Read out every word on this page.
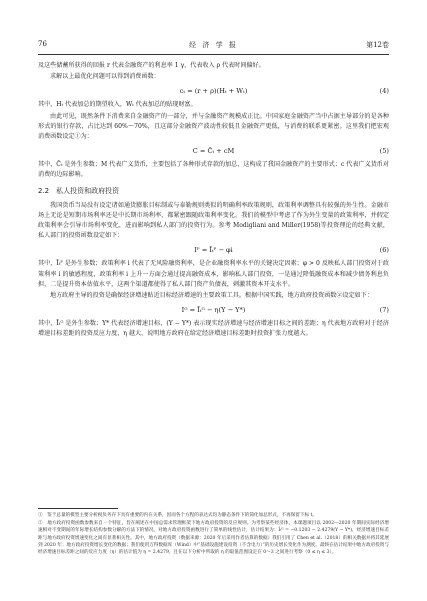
76	经 济 学 报	第12卷

及这些储蓄所获得的回报 r 代表金融资产的利息率 1 γ，代表收入 ρ 代表时间偏好。

求解以上最优化问题可以得到消费函数：

cₜ = (r + ρ)(Hₜ + Wₜ)	(4)

其中，Hₜ 代表加总的期望收入，Wₜ 代表加总的贴现财富。

由此可见，既然条件下消费来自金融资产的一部分，并与金融资产规模成正比。中国家庭金融资产当中占据主导部分的是各种形式的银行存款，占比达到 60%～70%，且这部分金融资产波动性较低且金融资产更低，与消费的联系更紧密。这里我们把宏观消费函数设定①为：

C = C̄ₜ + cM	(5)

其中，C̄ₜ 是外生参数；M 代表广义货币，主要包括了各种形式存款的加总，这构成了我国金融资产的主要形式；c 代表广义货币对消费的边际影响。

2.2　私人投资和政府投资

我国货币当局没有设定诸如通货膨胀目标制或与泰勒规则类似的明确利率政策规则，政策利率调整具有较强的外生性。金融市场上无论是短期市场利率还是中长期市场利率，都紧密跟随政策利率变化。我们的模型中考虑了作为外生变量的政策利率，并假定政策利率会引导市场利率变化，进而影响到私人部门的投资行为。参考 Modigliani and Miller(1958)等投资理论的经典文献，私人部门的投资函数设定如下：

Iᴾ = Īₜᴾ − φi	(6)

其中，Īₜᴾ 是外生参数；政策利率 i 代表了无风险融资利率，是企业融资利率水平的关键决定因素；φ > 0 反映私人部门投资对于政策利率 i 的敏感程度，政策利率 i 上升一方面会通过提高融资成本，影响私人部门投资，一是通过降低融资成本和减少债务利息负担，二是提升资本估值水平，这两个渠道都使得了私人部门资产负债表，刺激其资本开支水平。

地方政府主导的投资是确保经济增速贴近目标经济增速的主要政策工具。根据中国实践，地方政府投资函数②设定如下：

Iᴳ = Īₜᴳ − η(Y − Y*)	(7)

其中，Īₜᴳ 是外生参数；Y* 代表经济增速目标，(Y − Y*) 表示现实经济增速与经济增速目标之间的差距；η 代表地方政府对于经济增速目标差距的投资反应力度，η 越大，说明地方政府在给定经济增速目标差距时投资扩张力度越大。

①　鉴于总量的模型主要分析税负务存下具有重要的内在关系，因而各个方程的表达式均为静态条件下的简化加总形式，不再保留下标 t。

②　地方政府投资函数参数来自一个特征，旨在阐述在中国总需求管理框架下地方政府投资的反应规则。为考察某些经济体，本课题项目以 2002—2020 年期间实际经济增速相对不变期间的年际增长结构参数分解的方法下的情况，对地方政府投资函数进行了简单的线性估计，估计结果为：Īₜᴳ = −0.1203 − 2.4279(Y − Y*)，经济增速目标差距与地方政府投资增速变化之间有显著相关性。其中，地方政府投资（数据来源：2020 年后采用作者估算的数据）我们引用了 Chen et al.（2018）的相关数据并将其延展到 2020 年；地方政府投资增长变化的数据；我们使用万得数据库（Wind）中“基础设施建设投资（不含电力）”的历史增长变化作为测度。最终在估计结果中地方政府投资与经济增速目标差距之间的反应力度（η）的估计值为 η = 2.4279，且在以下分析中所取的 η 的取值范围设定在 0～3 之间进行考察（0 ≤ η ≤ 3）。
